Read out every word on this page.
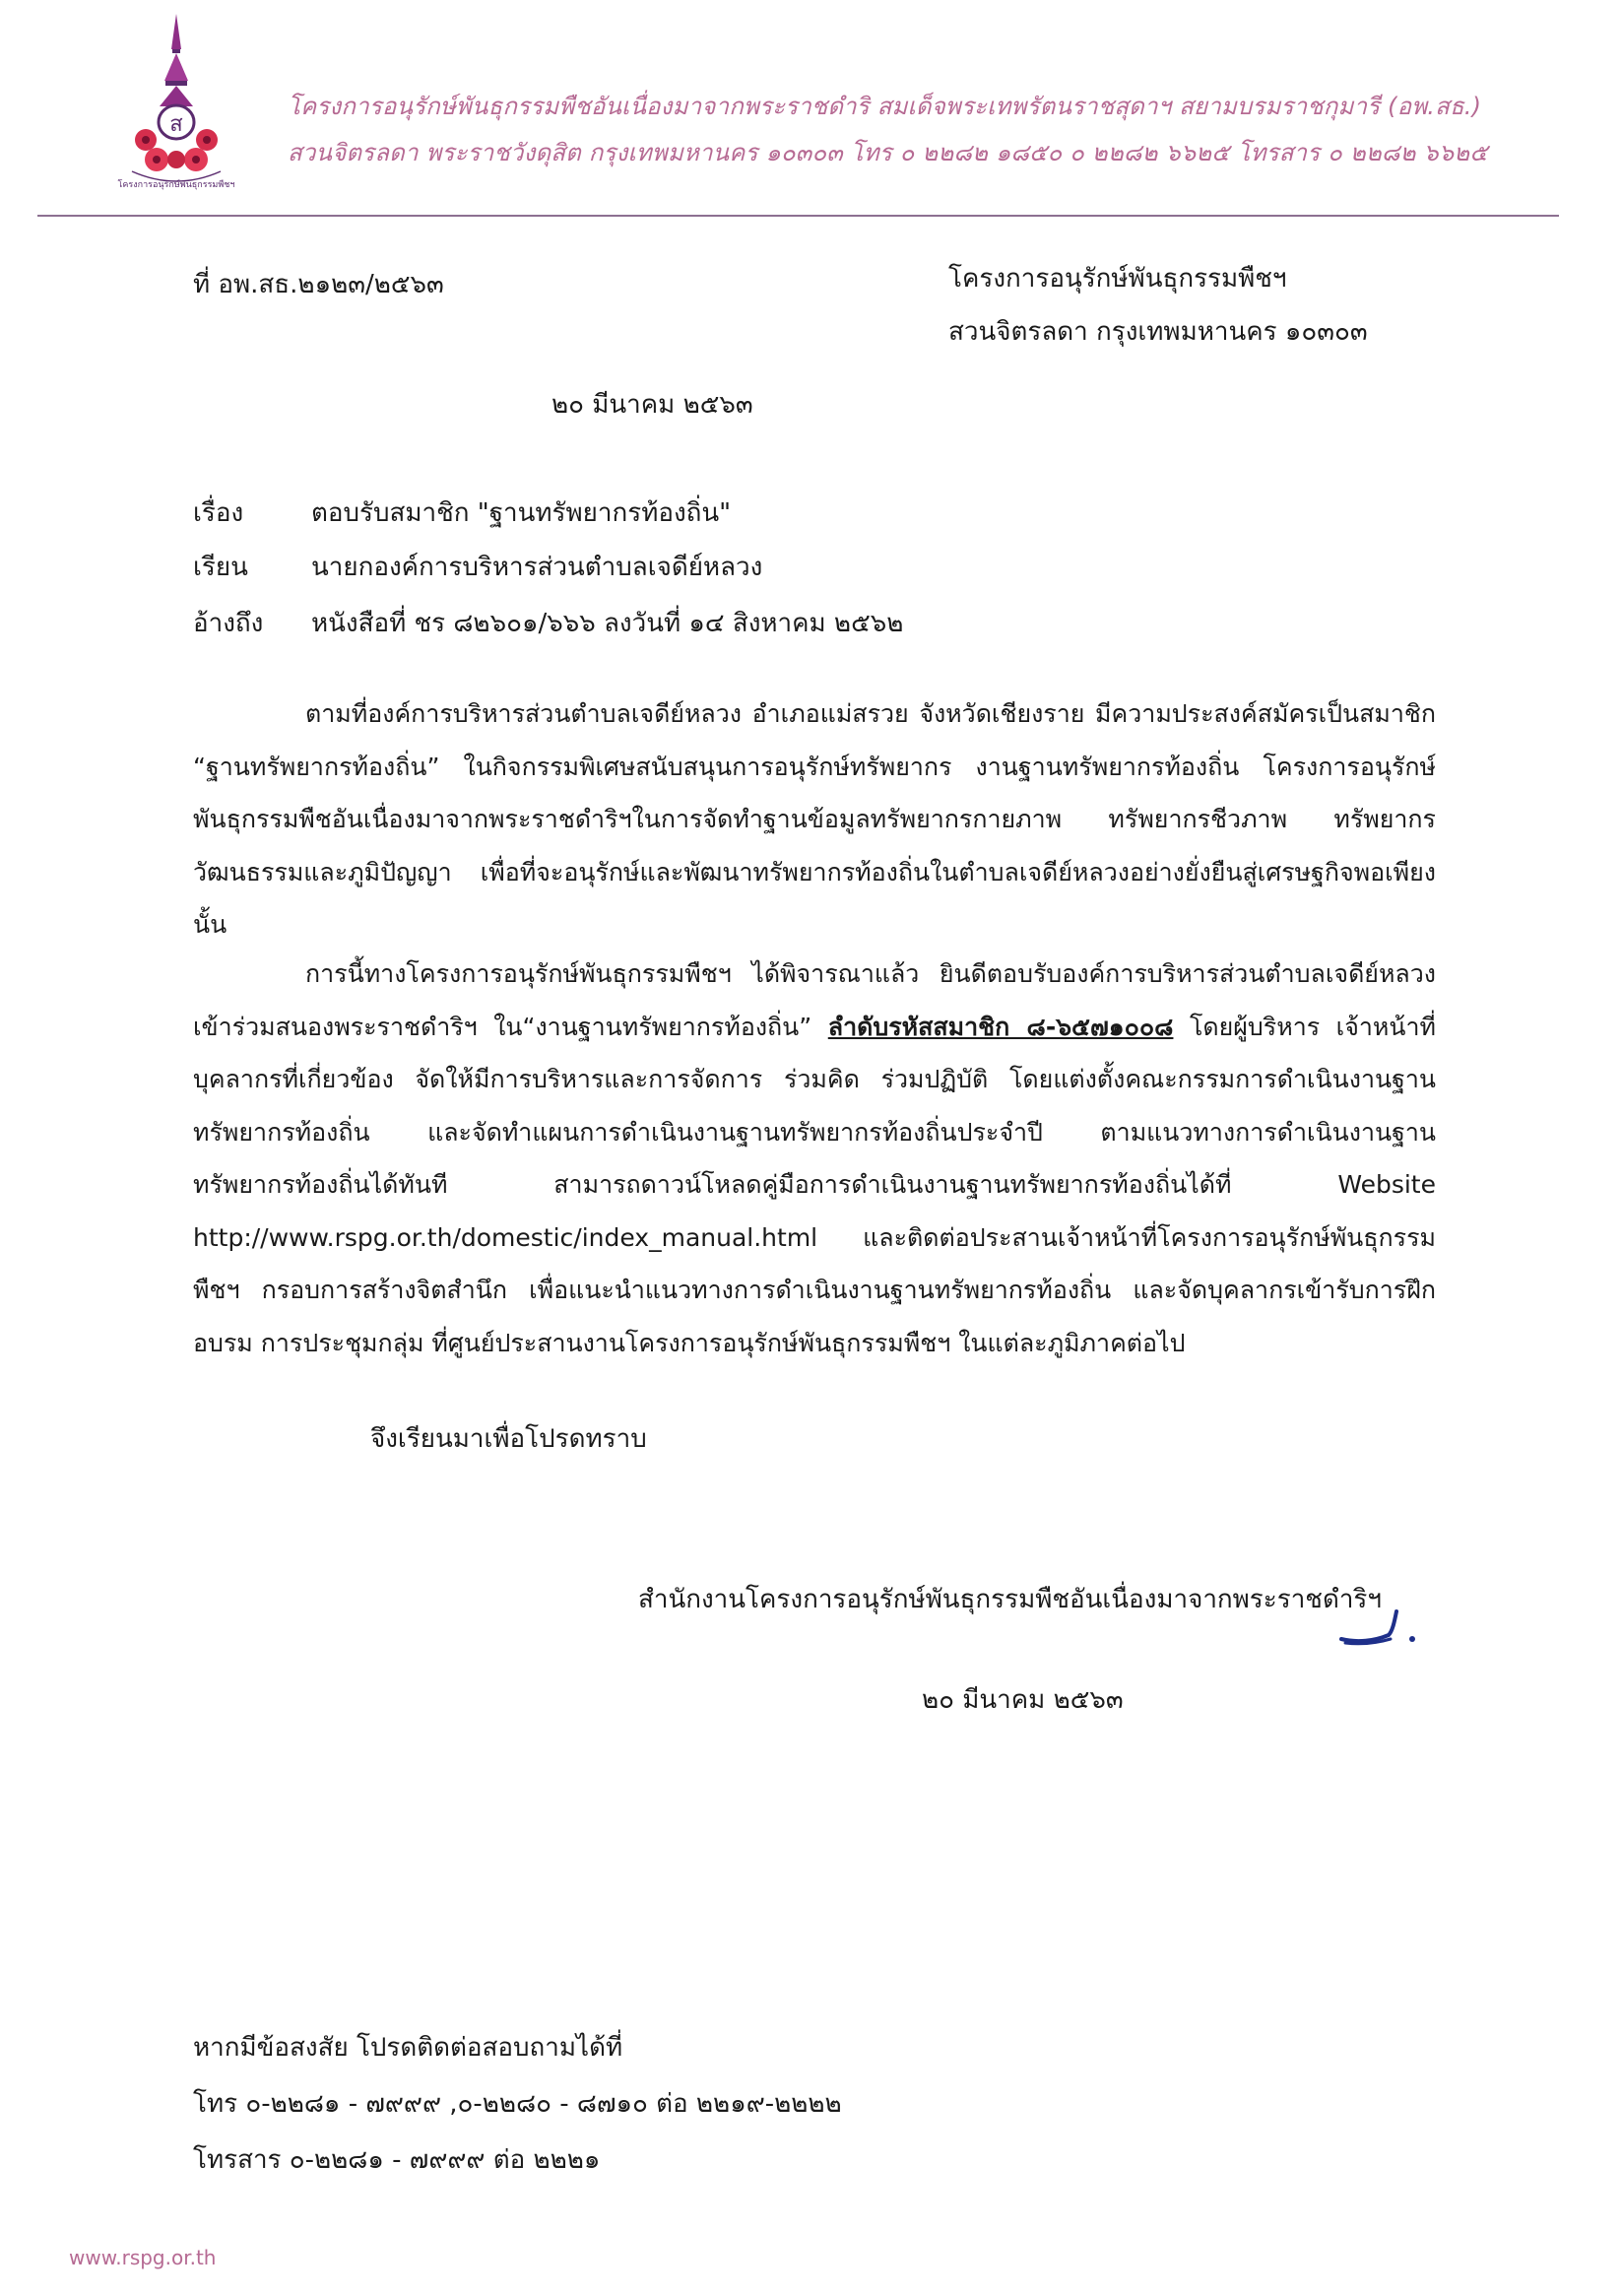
ส
โครงการอนุรักษ์พันธุกรรมพืชฯ
โครงการอนุรักษ์พันธุกรรมพืชอันเนื่องมาจากพระราชดำริ สมเด็จพระเทพรัตนราชสุดาฯ สยามบรมราชกุมารี (อพ.สธ.)
สวนจิตรลดา พระราชวังดุสิต กรุงเทพมหานคร ๑๐๓๐๓ โทร ๐ ๒๒๘๒ ๑๘๕๐ ๐ ๒๒๘๒ ๖๖๒๕ โทรสาร ๐ ๒๒๘๒ ๖๖๒๕
ที่ อพ.สธ.๒๑๒๓/๒๕๖๓	โครงการอนุรักษ์พันธุกรรมพืชฯ
สวนจิตรลดา กรุงเทพมหานคร ๑๐๓๐๓
๒๐ มีนาคม ๒๕๖๓
เรื่อง	ตอบรับสมาชิก "ฐานทรัพยากรท้องถิ่น"
เรียน นายกองค์การบริหารส่วนตำบลเจดีย์หลวง
อ้างถึง หนังสือที่ ชร ๘๒๖๐๑/๖๖๖ ลงวันที่ ๑๔ สิงหาคม ๒๕๖๒
ตามที่องค์การบริหารส่วนตำบลเจดีย์หลวง อำเภอแม่สรวย จังหวัดเชียงราย มีความประสงค์สมัครเป็นสมาชิก “ฐานทรัพยากรท้องถิ่น” ในกิจกรรมพิเศษสนับสนุนการอนุรักษ์ทรัพยากร งานฐานทรัพยากรท้องถิ่น โครงการอนุรักษ์พันธุกรรมพืชอันเนื่องมาจากพระราชดำริฯในการจัดทำฐานข้อมูลทรัพยากรกายภาพ ทรัพยากรชีวภาพ ทรัพยากรวัฒนธรรมและภูมิปัญญา เพื่อที่จะอนุรักษ์และพัฒนาทรัพยากรท้องถิ่นในตำบลเจดีย์หลวงอย่างยั่งยืนสู่เศรษฐกิจพอเพียง นั้น
การนี้ทางโครงการอนุรักษ์พันธุกรรมพืชฯ ได้พิจารณาแล้ว ยินดีตอบรับองค์การบริหารส่วนตำบลเจดีย์หลวง เข้าร่วมสนองพระราชดำริฯ ใน“งานฐานทรัพยากรท้องถิ่น” ลำดับรหัสสมาชิก ๘-๖๕๗๑๐๐๘ โดยผู้บริหาร เจ้าหน้าที่ บุคลากรที่เกี่ยวข้อง จัดให้มีการบริหารและการจัดการ ร่วมคิด ร่วมปฏิบัติ โดยแต่งตั้งคณะกรรมการดำเนินงานฐานทรัพยากรท้องถิ่น และจัดทำแผนการดำเนินงานฐานทรัพยากรท้องถิ่นประจำปี ตามแนวทางการดำเนินงานฐานทรัพยากรท้องถิ่นได้ทันที สามารถดาวน์โหลดคู่มือการดำเนินงานฐานทรัพยากรท้องถิ่นได้ที่ Website http://www.rspg.or.th/domestic/index_manual.html และติดต่อประสานเจ้าหน้าที่โครงการอนุรักษ์พันธุกรรมพืชฯ กรอบการสร้างจิตสำนึก เพื่อแนะนำแนวทางการดำเนินงานฐานทรัพยากรท้องถิ่น และจัดบุคลากรเข้ารับการฝึกอบรม การประชุมกลุ่ม ที่ศูนย์ประสานงานโครงการอนุรักษ์พันธุกรรมพืชฯ ในแต่ละภูมิภาคต่อไป
จึงเรียนมาเพื่อโปรดทราบ
สำนักงานโครงการอนุรักษ์พันธุกรรมพืชอันเนื่องมาจากพระราชดำริฯ
๒๐ มีนาคม ๒๕๖๓
หากมีข้อสงสัย โปรดติดต่อสอบถามได้ที่
โทร ๐-๒๒๘๑ - ๗๙๙๙ ,๐-๒๒๘๐ - ๘๗๑๐ ต่อ ๒๒๑๙-๒๒๒๒
โทรสาร ๐-๒๒๘๑ - ๗๙๙๙ ต่อ ๒๒๒๑
www.rspg.or.th
